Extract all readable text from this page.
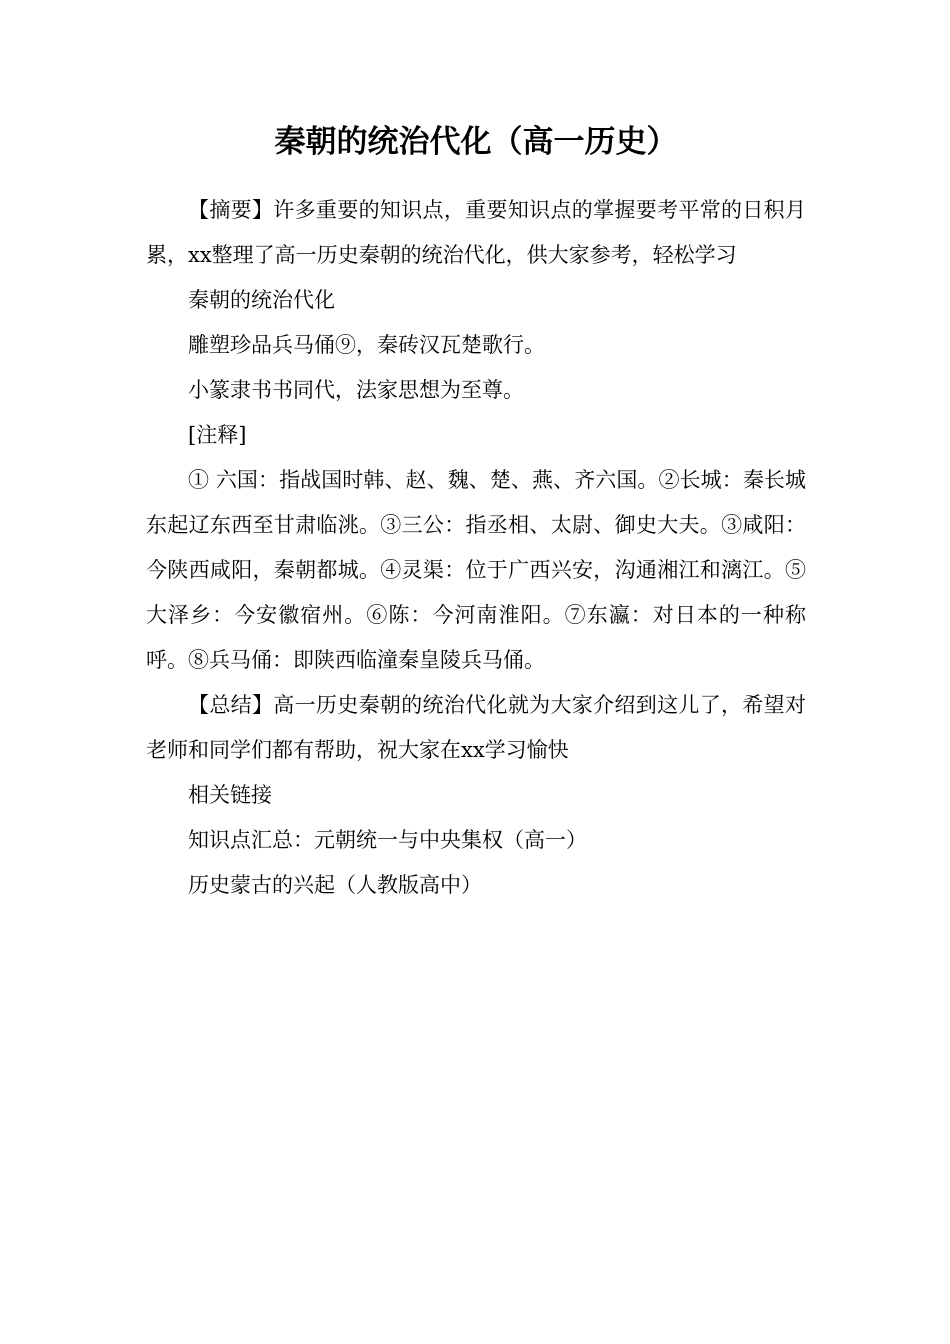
秦朝的统治代化（高一历史）

【摘要】许多重要的知识点，重要知识点的掌握要考平常的日积月累，xx整理了高一历史秦朝的统治代化，供大家参考，轻松学习

秦朝的统治代化

雕塑珍品兵马俑⑨，秦砖汉瓦楚歌行。

小篆隶书书同代，法家思想为至尊。

[注释]

① 六国：指战国时韩、赵、魏、楚、燕、齐六国。②长城：秦长城东起辽东西至甘肃临洮。③三公：指丞相、太尉、御史大夫。③咸阳：今陕西咸阳，秦朝都城。④灵渠：位于广西兴安，沟通湘江和漓江。⑤大泽乡：今安徽宿州。⑥陈：今河南淮阳。⑦东瀛：对日本的一种称呼。⑧兵马俑：即陕西临潼秦皇陵兵马俑。

【总结】高一历史秦朝的统治代化就为大家介绍到这儿了，希望对老师和同学们都有帮助，祝大家在xx学习愉快

相关链接

知识点汇总：元朝统一与中央集权（高一）

历史蒙古的兴起（人教版高中）
